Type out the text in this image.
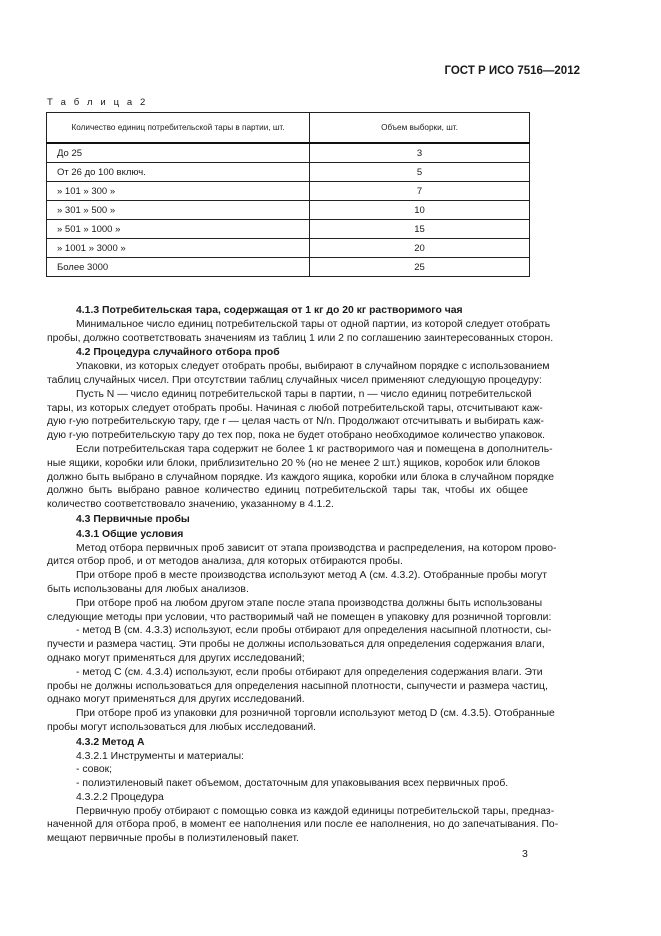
ГОСТ Р ИСО 7516—2012
Т а б л и ц а 2
Количество единиц потребительской тары в партии, шт.	Объем выборки, шт.
До 25	3
От 26 до 100 включ.	5
» 101 » 300 »	7
» 301 » 500 »	10
» 501 » 1000 »	15
» 1001 » 3000 »	20
Более 3000	25
4.1.3 Потребительская тара, содержащая от 1 кг до 20 кг растворимого чая
Минимальное число единиц потребительской тары от одной партии, из которой следует отобрать
пробы, должно соответствовать значениям из таблиц 1 или 2 по соглашению заинтересованных сторон.
4.2 Процедура случайного отбора проб
Упаковки, из которых следует отобрать пробы, выбирают в случайном порядке с использованием
таблиц случайных чисел. При отсутствии таблиц случайных чисел применяют следующую процедуру:
Пусть N — число единиц потребительской тары в партии, n — число единиц потребительской
тары, из которых следует отобрать пробы. Начиная с любой потребительской тары, отсчитывают каж-
дую r-ую потребительскую тару, где r — целая часть от N/n. Продолжают отсчитывать и выбирать каж-
дую r-ую потребительскую тару до тех пор, пока не будет отобрано необходимое количество упаковок.
Если потребительская тара содержит не более 1 кг растворимого чая и помещена в дополнитель-
ные ящики, коробки или блоки, приблизительно 20 % (но не менее 2 шт.) ящиков, коробок или блоков
должно быть выбрано в случайном порядке. Из каждого ящика, коробки или блока в случайном порядке
должно быть выбрано равное количество единиц потребительской тары так, чтобы их общее
количество соответствовало значению, указанному в 4.1.2.
4.3 Первичные пробы
4.3.1 Общие условия
Метод отбора первичных проб зависит от этапа производства и распределения, на котором прово-
дится отбор проб, и от методов анализа, для которых отбираются пробы.
При отборе проб в месте производства используют метод А (см. 4.3.2). Отобранные пробы могут
быть использованы для любых анализов.
При отборе проб на любом другом этапе после этапа производства должны быть использованы
следующие методы при условии, что растворимый чай не помещен в упаковку для розничной торговли:
- метод В (см. 4.3.3) используют, если пробы отбирают для определения насыпной плотности, сы-
пучести и размера частиц. Эти пробы не должны использоваться для определения содержания влаги,
однако могут применяться для других исследований;
- метод С (см. 4.3.4) используют, если пробы отбирают для определения содержания влаги. Эти
пробы не должны использоваться для определения насыпной плотности, сыпучести и размера частиц,
однако могут применяться для других исследований.
При отборе проб из упаковки для розничной торговли используют метод D (см. 4.3.5). Отобранные
пробы могут использоваться для любых исследований.
4.3.2 Метод А
4.3.2.1 Инструменты и материалы:
- совок;
- полиэтиленовый пакет объемом, достаточным для упаковывания всех первичных проб.
4.3.2.2 Процедура
Первичную пробу отбирают с помощью совка из каждой единицы потребительской тары, предназ-
наченной для отбора проб, в момент ее наполнения или после ее наполнения, но до запечатывания. По-
мещают первичные пробы в полиэтиленовый пакет.
3
